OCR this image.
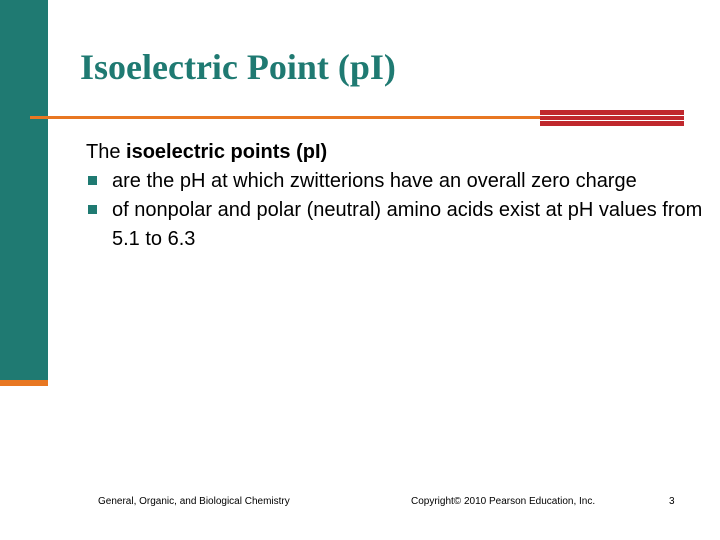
Isoelectric Point (pI)
The isoelectric points (pI)
are the pH at which zwitterions have an overall zero charge
of nonpolar and polar (neutral) amino acids exist at pH values from 5.1 to 6.3
General, Organic, and Biological Chemistry	Copyright© 2010 Pearson Education, Inc.	3
